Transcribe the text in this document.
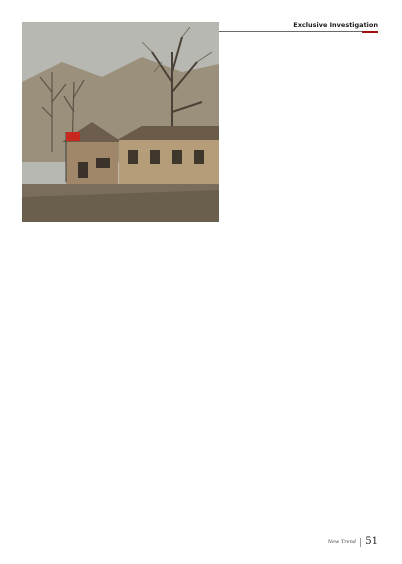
Exclusive Investigation

New Trend 51
